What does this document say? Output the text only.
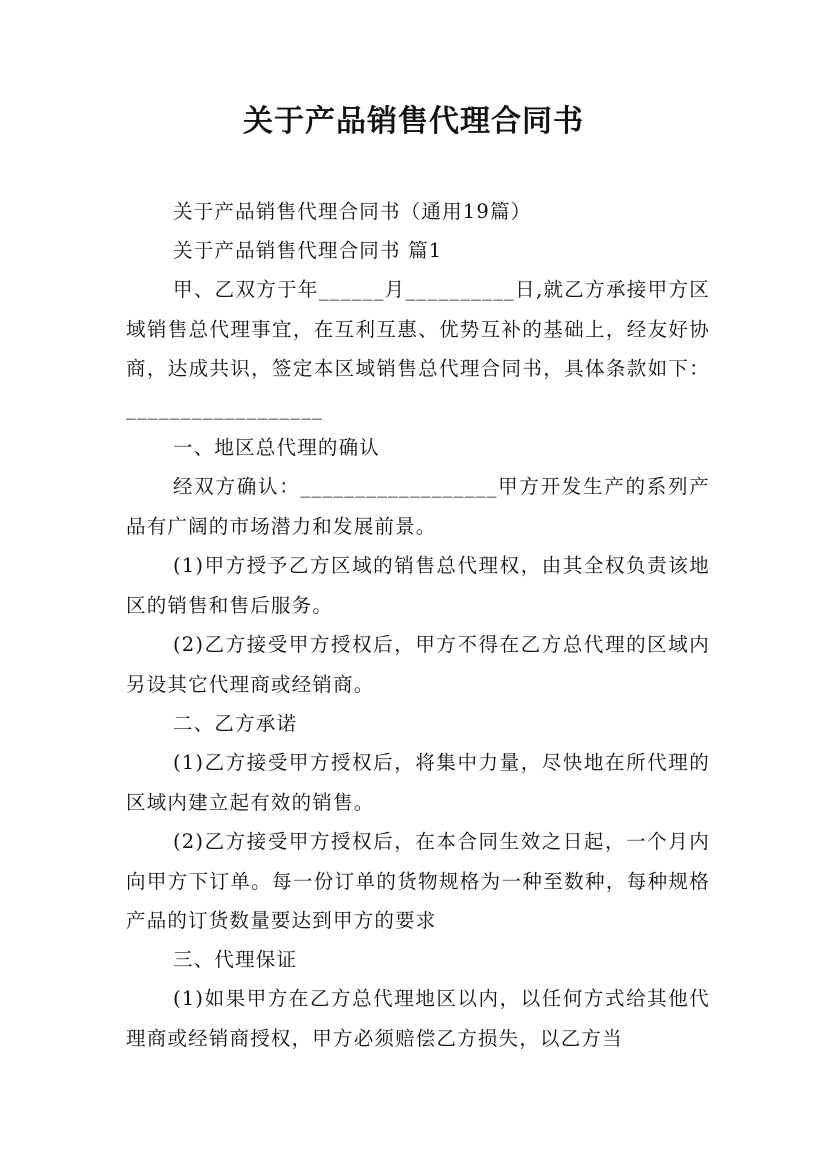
关于产品销售代理合同书
关于产品销售代理合同书（通用19篇）
关于产品销售代理合同书 篇1
甲、乙双方于年______月__________日,就乙方承接甲方区域销售总代理事宜，在互利互惠、优势互补的基础上，经友好协商，达成共识，签定本区域销售总代理合同书，具体条款如下：__________________
一、地区总代理的确认
经双方确认：__________________甲方开发生产的系列产品有广阔的市场潜力和发展前景。
(1)甲方授予乙方区域的销售总代理权，由其全权负责该地区的销售和售后服务。
(2)乙方接受甲方授权后，甲方不得在乙方总代理的区域内另设其它代理商或经销商。
二、乙方承诺
(1)乙方接受甲方授权后，将集中力量，尽快地在所代理的区域内建立起有效的销售。
(2)乙方接受甲方授权后，在本合同生效之日起，一个月内向甲方下订单。每一份订单的货物规格为一种至数种，每种规格产品的订货数量要达到甲方的要求
三、代理保证
(1)如果甲方在乙方总代理地区以内，以任何方式给其他代理商或经销商授权，甲方必须赔偿乙方损失，以乙方当
